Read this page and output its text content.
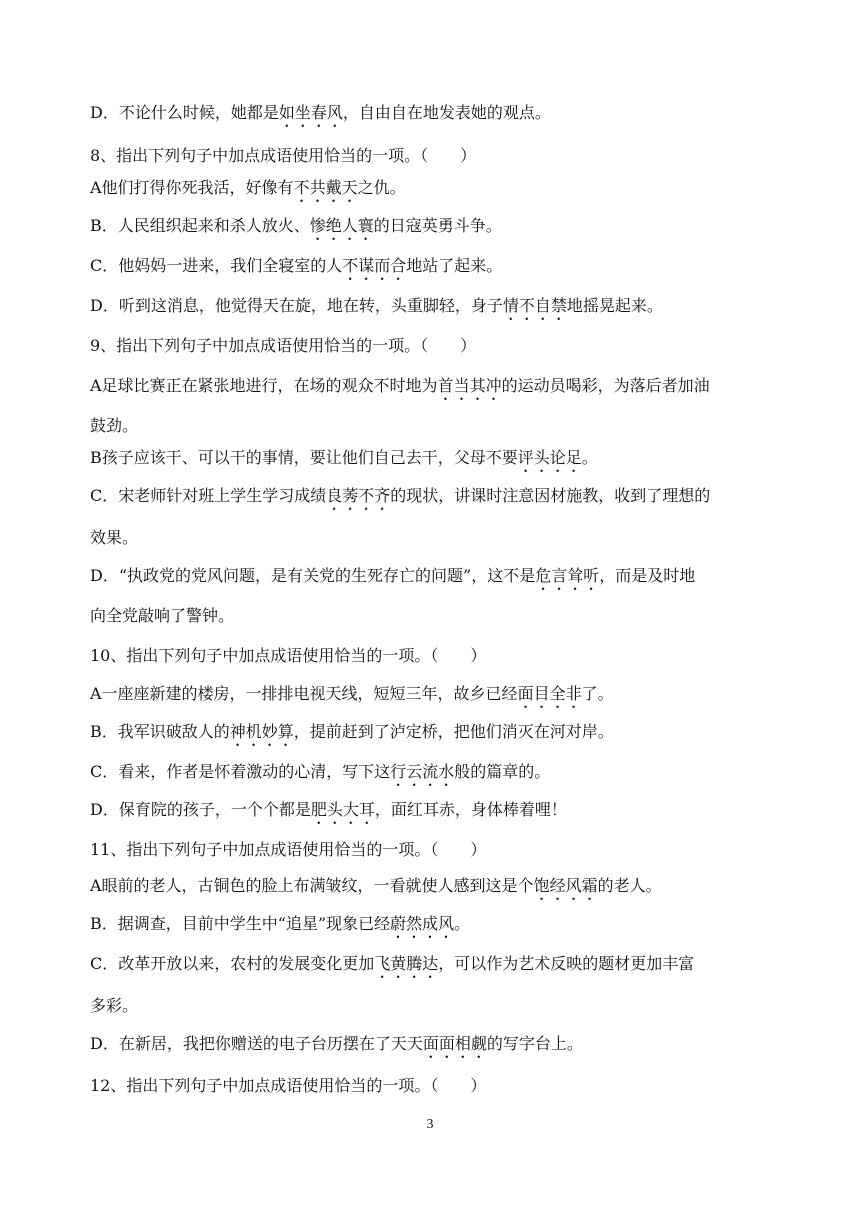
D．不论什么时候，她都是如坐春风，自由自在地发表她的观点。
8、指出下列句子中加点成语使用恰当的一项。（　　）
A他们打得你死我活，好像有不共戴天之仇。
B．人民组织起来和杀人放火、惨绝人寰的日寇英勇斗争。
C．他妈妈一进来，我们全寝室的人不谋而合地站了起来。
D．听到这消息，他觉得天在旋，地在转，头重脚轻，身子情不自禁地摇晃起来。
9、指出下列句子中加点成语使用恰当的一项。（　　）
A足球比赛正在紧张地进行，在场的观众不时地为首当其冲的运动员喝彩，为落后者加油
鼓劲。
B孩子应该干、可以干的事情，要让他们自己去干，父母不要评头论足。
C．宋老师针对班上学生学习成绩良莠不齐的现状，讲课时注意因材施教，收到了理想的
效果。
D．“执政党的党风问题，是有关党的生死存亡的问题”，这不是危言耸听，而是及时地
向全党敲响了警钟。
10、指出下列句子中加点成语使用恰当的一项。（　　）
A一座座新建的楼房，一排排电视天线，短短三年，故乡已经面目全非了。
B．我军识破敌人的神机妙算，提前赶到了泸定桥，把他们消灭在河对岸。
C．看来，作者是怀着激动的心清，写下这行云流水般的篇章的。
D．保育院的孩子，一个个都是肥头大耳，面红耳赤，身体棒着哩！
11、指出下列句子中加点成语使用恰当的一项。（　　）
A眼前的老人，古铜色的脸上布满皱纹，一看就使人感到这是个饱经风霜的老人。
B．据调查，目前中学生中“追星”现象已经蔚然成风。
C．改革开放以来，农村的发展变化更加飞黄腾达，可以作为艺术反映的题材更加丰富
多彩。
D．在新居，我把你赠送的电子台历摆在了天天面面相觑的写字台上。
12、指出下列句子中加点成语使用恰当的一项。（　　）
3
